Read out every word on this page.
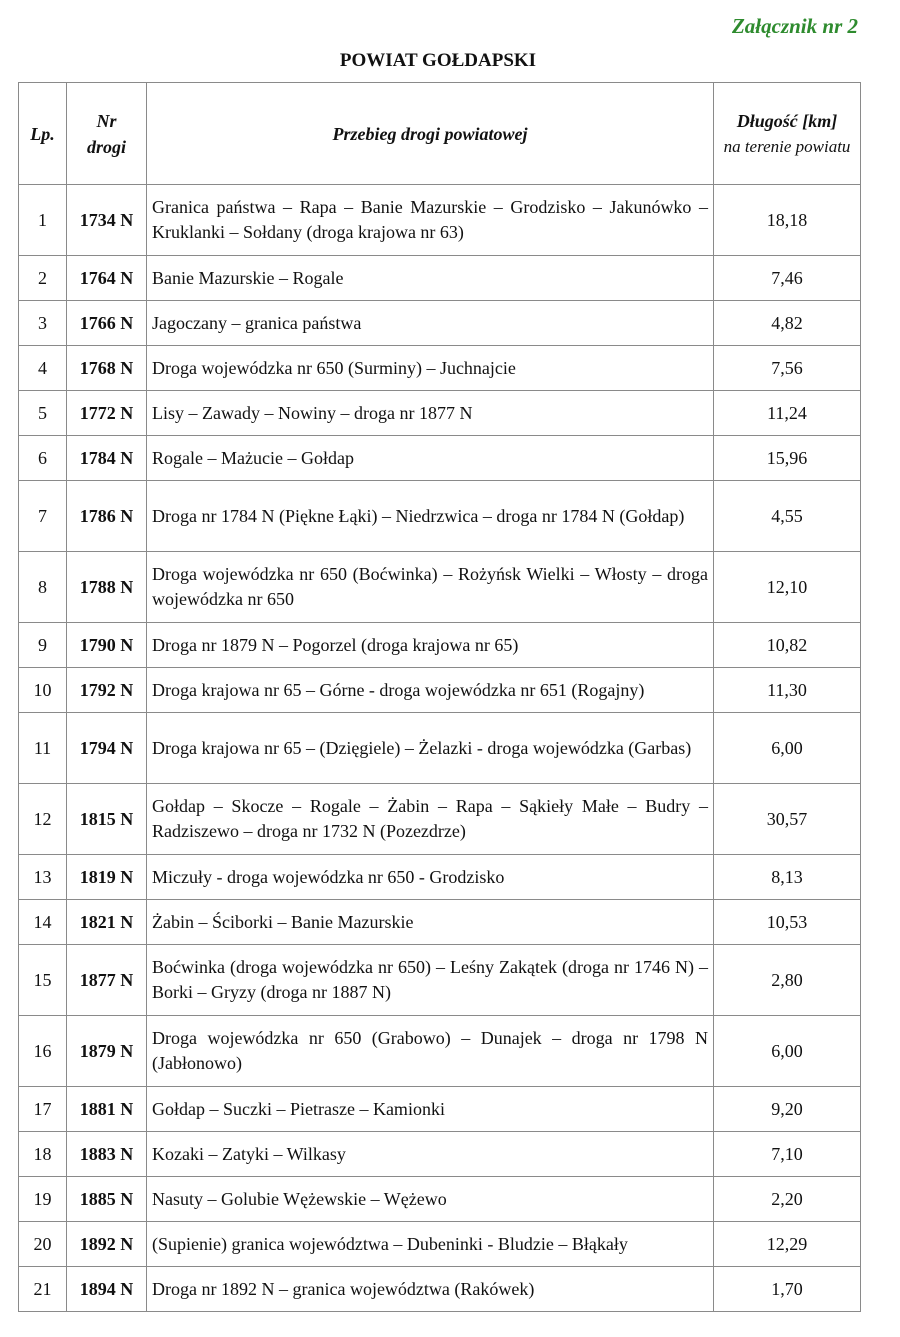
Załącznik nr 2
POWIAT GOŁDAPSKI
Lp.	Nr drogi	Przebieg drogi powiatowej	Długość [km]
na terenie powiatu

1	1734 N	Granica państwa – Rapa – Banie Mazurskie – Grodzisko – Jakunówko – Kruklanki – Sołdany (droga krajowa nr 63)	18,18
2	1764 N	Banie Mazurskie – Rogale	7,46
3	1766 N	Jagoczany – granica państwa	4,82
4	1768 N	Droga wojewódzka nr 650 (Surminy) – Juchnajcie	7,56
5	1772 N	Lisy – Zawady – Nowiny – droga nr 1877 N	11,24
6	1784 N	Rogale – Mażucie – Gołdap	15,96
7	1786 N	Droga nr 1784 N (Piękne Łąki) – Niedrzwica – droga nr 1784 N (Gołdap)	4,55
8	1788 N	Droga wojewódzka nr 650 (Boćwinka) – Rożyńsk Wielki – Włosty – droga wojewódzka nr 650	12,10
9	1790 N	Droga nr 1879 N – Pogorzel (droga krajowa nr 65)	10,82
10	1792 N	Droga krajowa nr 65 – Górne - droga wojewódzka nr 651 (Rogajny)	11,30
11	1794 N	Droga krajowa nr 65 – (Dzięgiele) – Żelazki - droga wojewódzka (Garbas)	6,00
12	1815 N	Gołdap – Skocze – Rogale – Żabin – Rapa – Sąkieły Małe – Budry – Radziszewo – droga nr 1732 N (Pozezdrze)	30,57
13	1819 N	Miczuły - droga wojewódzka nr 650 - Grodzisko	8,13
14	1821 N	Żabin – Ściborki – Banie Mazurskie	10,53
15	1877 N	Boćwinka (droga wojewódzka nr 650) – Leśny Zakątek (droga nr 1746 N) – Borki – Gryzy (droga nr 1887 N)	2,80
16	1879 N	Droga wojewódzka nr 650 (Grabowo) – Dunajek – droga nr 1798 N (Jabłonowo)	6,00
17	1881 N	Gołdap – Suczki – Pietrasze – Kamionki	9,20
18	1883 N	Kozaki – Zatyki – Wilkasy	7,10
19	1885 N	Nasuty – Golubie Wężewskie – Wężewo	2,20
20	1892 N	(Supienie) granica województwa – Dubeninki - Bludzie – Błąkały	12,29
21	1894 N	Droga nr 1892 N – granica województwa (Rakówek)	1,70
